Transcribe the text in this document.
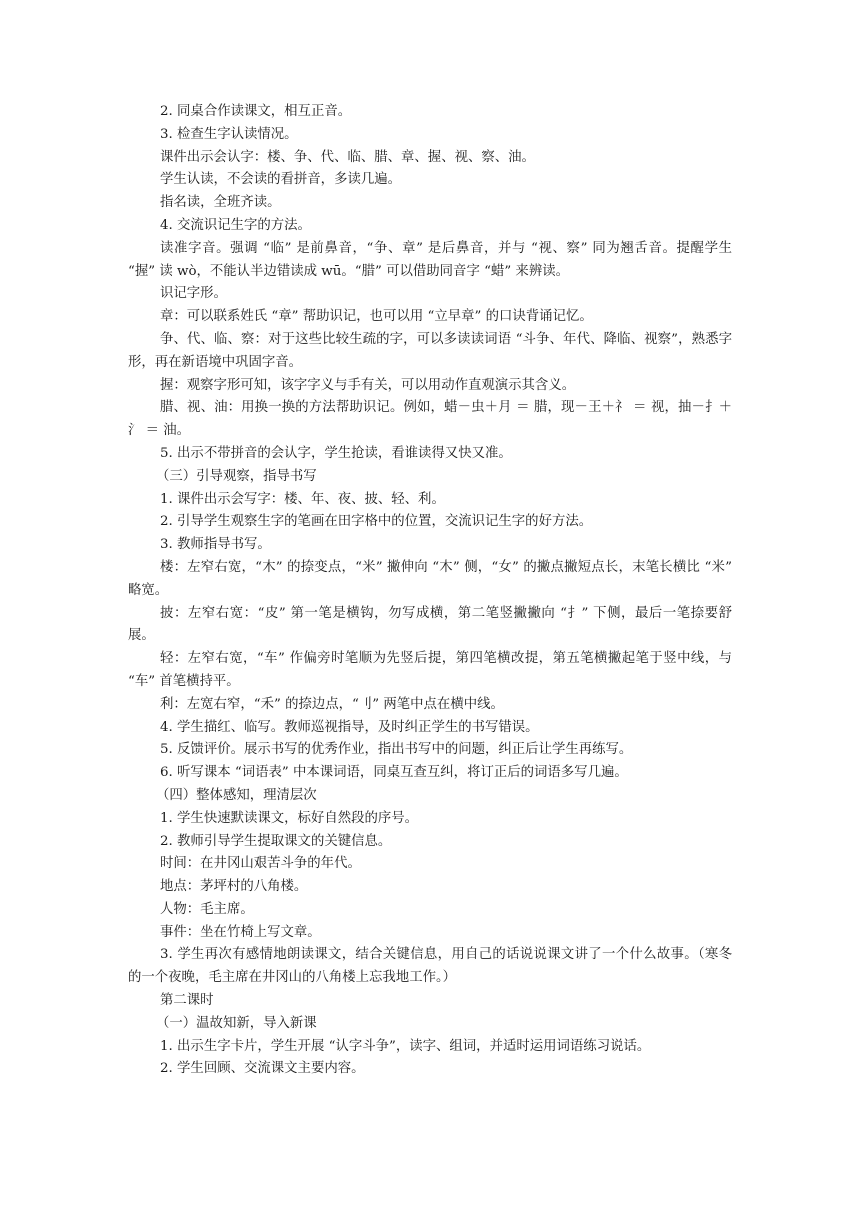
2. 同桌合作读课文，相互正音。

3. 检查生字认读情况。

课件出示会认字：楼、争、代、临、腊、章、握、视、察、油。

学生认读，不会读的看拼音，多读几遍。

指名读，全班齐读。

4. 交流识记生字的方法。

读准字音。强调 “临” 是前鼻音，“争、章” 是后鼻音，并与 “视、察” 同为翘舌音。提醒学生 “握” 读 wò，不能认半边错读成 wū。“腊” 可以借助同音字 “蜡” 来辨读。

识记字形。

章：可以联系姓氏 “章” 帮助识记，也可以用 “立早章” 的口诀背诵记忆。

争、代、临、察：对于这些比较生疏的字，可以多读读词语 “斗争、年代、降临、视察”，熟悉字形，再在新语境中巩固字音。

握：观察字形可知，该字字义与手有关，可以用动作直观演示其含义。

腊、视、油：用换一换的方法帮助识记。例如，蜡－虫＋月 ＝ 腊，现－王＋礻 ＝ 视，抽－扌＋氵 ＝ 油。

5. 出示不带拼音的会认字，学生抢读，看谁读得又快又准。

（三）引导观察，指导书写

1. 课件出示会写字：楼、年、夜、披、轻、利。

2. 引导学生观察生字的笔画在田字格中的位置，交流识记生字的好方法。

3. 教师指导书写。

楼：左窄右宽，“木” 的捺变点，“米” 撇伸向 “木” 侧，“女” 的撇点撇短点长，末笔长横比 “米” 略宽。

披：左窄右宽：“皮” 第一笔是横钩，勿写成横，第二笔竖撇撇向 “扌” 下侧，最后一笔捺要舒展。

轻：左窄右宽，“车” 作偏旁时笔顺为先竖后提，第四笔横改提，第五笔横撇起笔于竖中线，与 “车” 首笔横持平。

利：左宽右窄，“禾” 的捺边点，“刂” 两笔中点在横中线。

4. 学生描红、临写。教师巡视指导，及时纠正学生的书写错误。

5. 反馈评价。展示书写的优秀作业，指出书写中的问题，纠正后让学生再练写。

6. 听写课本 “词语表” 中本课词语，同桌互查互纠，将订正后的词语多写几遍。

（四）整体感知，理清层次

1. 学生快速默读课文，标好自然段的序号。

2. 教师引导学生提取课文的关键信息。

时间：在井冈山艰苦斗争的年代。

地点：茅坪村的八角楼。

人物：毛主席。

事件：坐在竹椅上写文章。

3. 学生再次有感情地朗读课文，结合关键信息，用自己的话说说课文讲了一个什么故事。（寒冬的一个夜晚，毛主席在井冈山的八角楼上忘我地工作。）

第二课时

（一）温故知新，导入新课

1. 出示生字卡片，学生开展 “认字斗争”，读字、组词，并适时运用词语练习说话。

2. 学生回顾、交流课文主要内容。
